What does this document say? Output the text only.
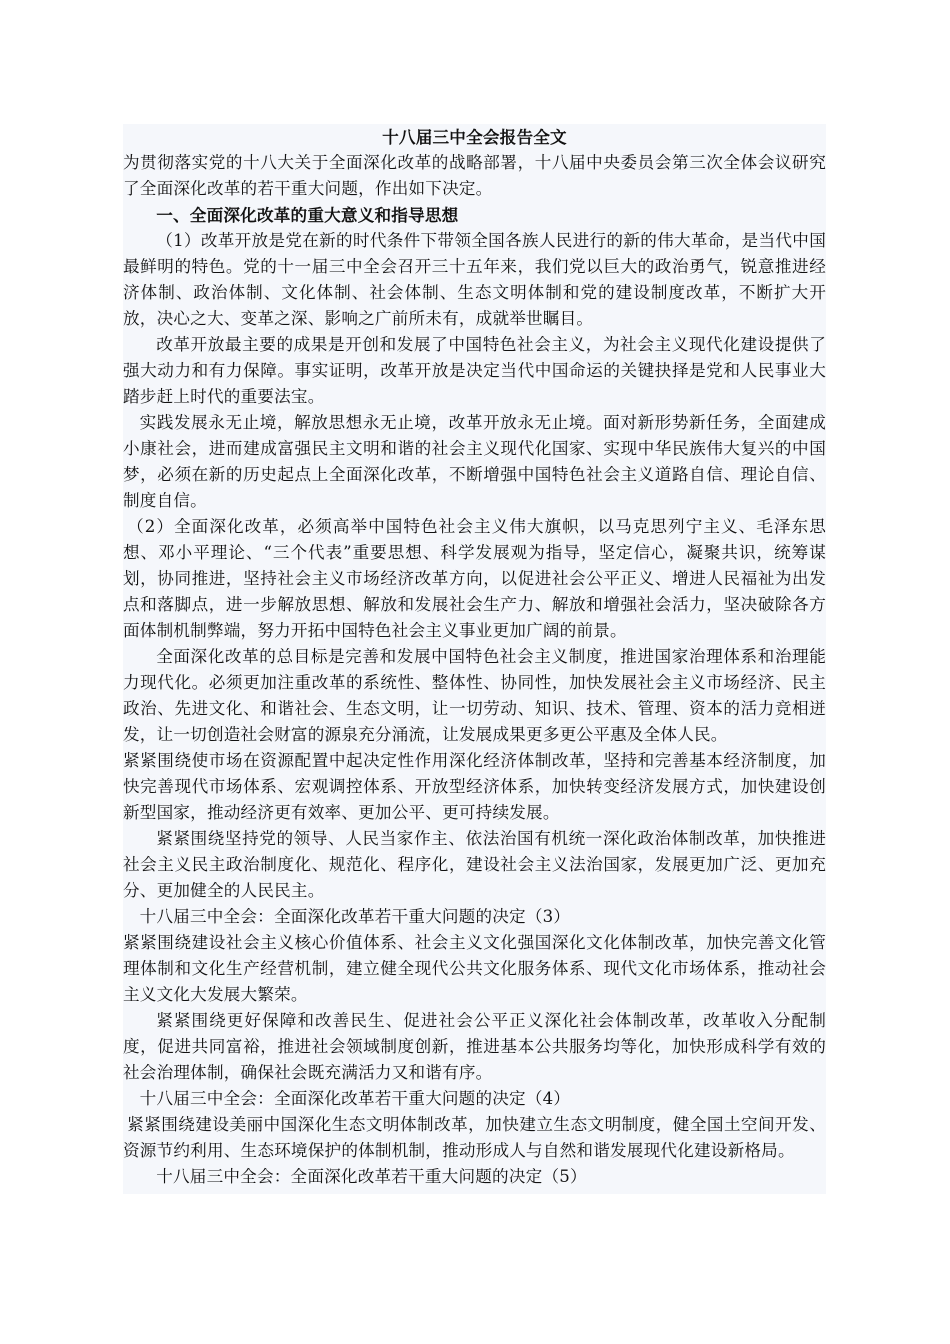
十八届三中全会报告全文

为贯彻落实党的十八大关于全面深化改革的战略部署，十八届中央委员会第三次全体会议研究了全面深化改革的若干重大问题，作出如下决定。

一、全面深化改革的重大意义和指导思想

（1）改革开放是党在新的时代条件下带领全国各族人民进行的新的伟大革命，是当代中国最鲜明的特色。党的十一届三中全会召开三十五年来，我们党以巨大的政治勇气，锐意推进经济体制、政治体制、文化体制、社会体制、生态文明体制和党的建设制度改革，不断扩大开放，决心之大、变革之深、影响之广前所未有，成就举世瞩目。

改革开放最主要的成果是开创和发展了中国特色社会主义，为社会主义现代化建设提供了强大动力和有力保障。事实证明，改革开放是决定当代中国命运的关键抉择是党和人民事业大踏步赶上时代的重要法宝。

实践发展永无止境，解放思想永无止境，改革开放永无止境。面对新形势新任务，全面建成小康社会，进而建成富强民主文明和谐的社会主义现代化国家、实现中华民族伟大复兴的中国梦，必须在新的历史起点上全面深化改革，不断增强中国特色社会主义道路自信、理论自信、制度自信。

（2）全面深化改革，必须高举中国特色社会主义伟大旗帜，以马克思列宁主义、毛泽东思想、邓小平理论、“三个代表”重要思想、科学发展观为指导，坚定信心，凝聚共识，统筹谋划，协同推进，坚持社会主义市场经济改革方向，以促进社会公平正义、增进人民福祉为出发点和落脚点，进一步解放思想、解放和发展社会生产力、解放和增强社会活力，坚决破除各方面体制机制弊端，努力开拓中国特色社会主义事业更加广阔的前景。

全面深化改革的总目标是完善和发展中国特色社会主义制度，推进国家治理体系和治理能力现代化。必须更加注重改革的系统性、整体性、协同性，加快发展社会主义市场经济、民主政治、先进文化、和谐社会、生态文明，让一切劳动、知识、技术、管理、资本的活力竞相迸发，让一切创造社会财富的源泉充分涌流，让发展成果更多更公平惠及全体人民。

紧紧围绕使市场在资源配置中起决定性作用深化经济体制改革，坚持和完善基本经济制度，加快完善现代市场体系、宏观调控体系、开放型经济体系，加快转变经济发展方式，加快建设创新型国家，推动经济更有效率、更加公平、更可持续发展。

紧紧围绕坚持党的领导、人民当家作主、依法治国有机统一深化政治体制改革，加快推进社会主义民主政治制度化、规范化、程序化，建设社会主义法治国家，发展更加广泛、更加充分、更加健全的人民民主。

十八届三中全会：全面深化改革若干重大问题的决定（3）

紧紧围绕建设社会主义核心价值体系、社会主义文化强国深化文化体制改革，加快完善文化管理体制和文化生产经营机制，建立健全现代公共文化服务体系、现代文化市场体系，推动社会主义文化大发展大繁荣。

紧紧围绕更好保障和改善民生、促进社会公平正义深化社会体制改革，改革收入分配制度，促进共同富裕，推进社会领域制度创新，推进基本公共服务均等化，加快形成科学有效的社会治理体制，确保社会既充满活力又和谐有序。

十八届三中全会：全面深化改革若干重大问题的决定（4）

紧紧围绕建设美丽中国深化生态文明体制改革，加快建立生态文明制度，健全国土空间开发、资源节约利用、生态环境保护的体制机制，推动形成人与自然和谐发展现代化建设新格局。

十八届三中全会：全面深化改革若干重大问题的决定（5）
